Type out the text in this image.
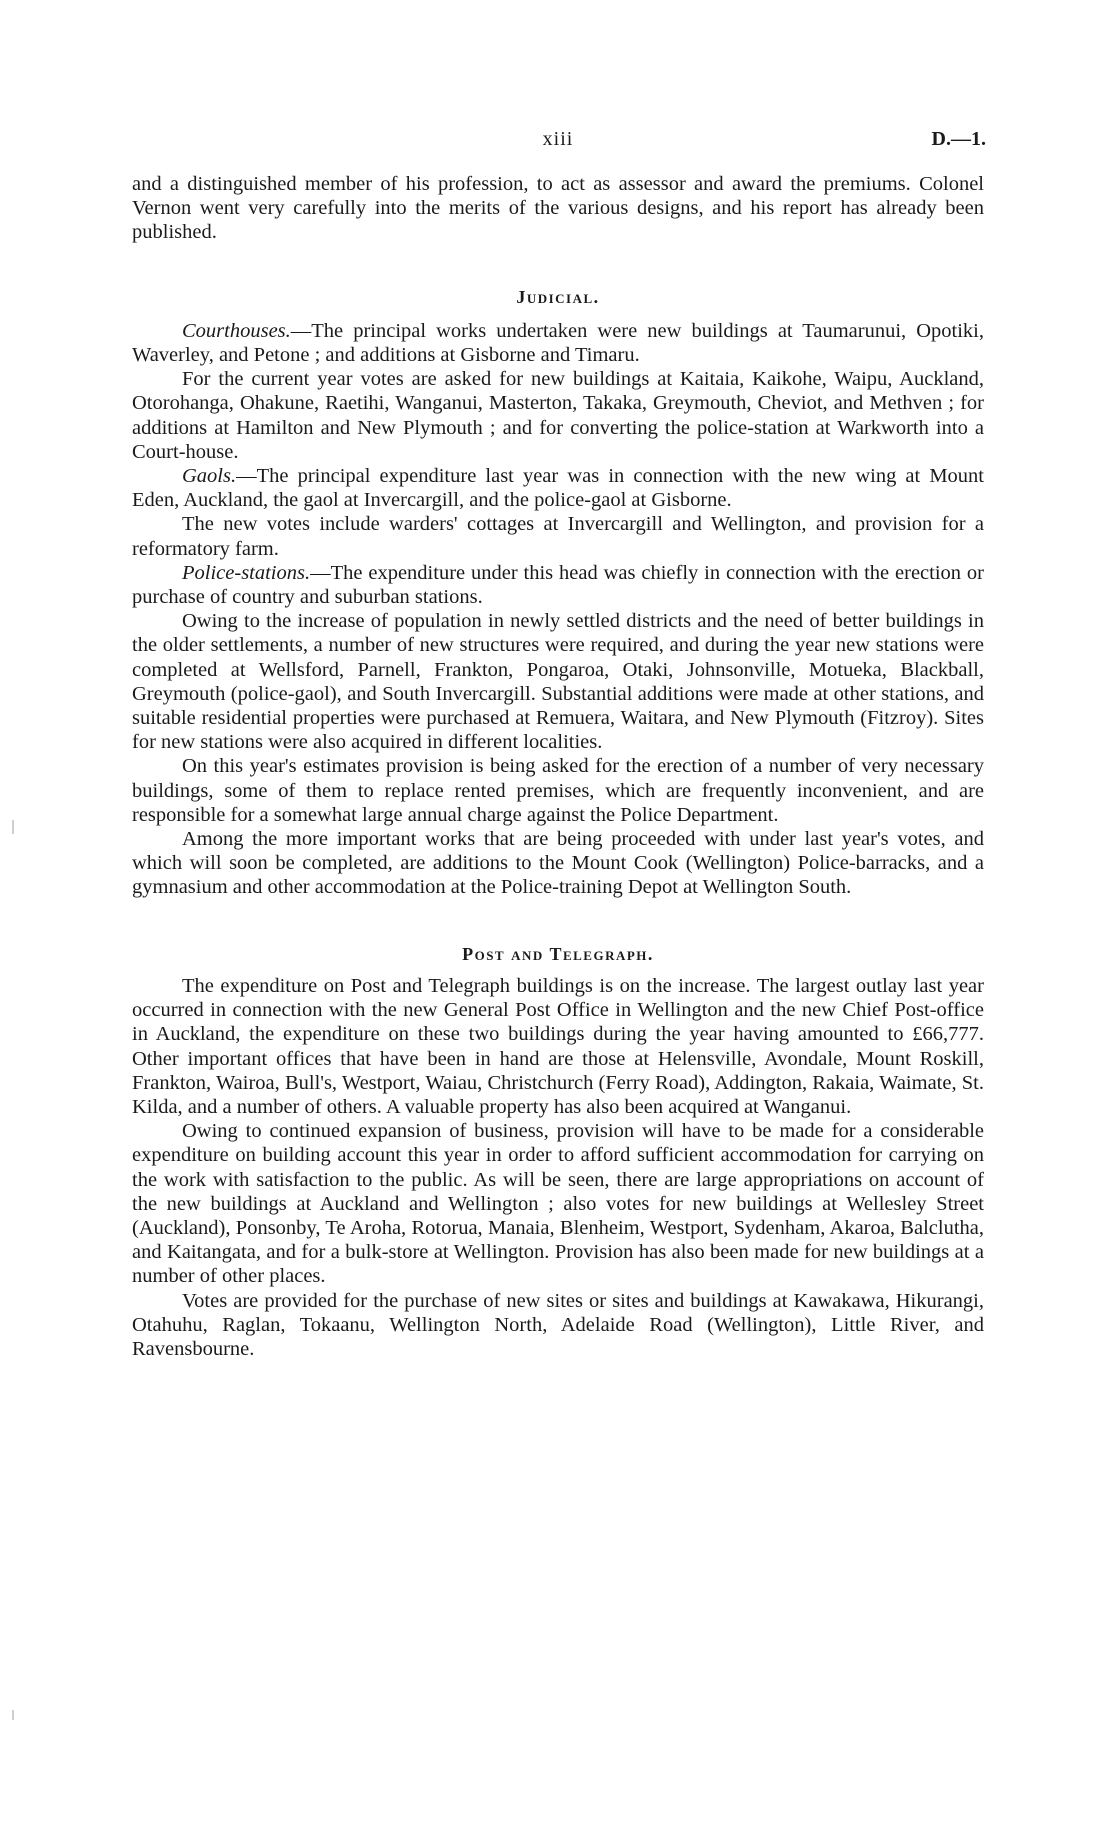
xiii	D.—1.

and a distinguished member of his profession, to act as assessor and award the premiums. Colonel Vernon went very carefully into the merits of the various designs, and his report has already been published.

Judicial.

Courthouses.—The principal works undertaken were new buildings at Taumarunui, Opotiki, Waverley, and Petone ; and additions at Gisborne and Timaru.

For the current year votes are asked for new buildings at Kaitaia, Kaikohe, Waipu, Auckland, Otorohanga, Ohakune, Raetihi, Wanganui, Masterton, Takaka, Greymouth, Cheviot, and Methven ; for additions at Hamilton and New Plymouth ; and for converting the police-station at Warkworth into a Court-house.

Gaols.—The principal expenditure last year was in connection with the new wing at Mount Eden, Auckland, the gaol at Invercargill, and the police-gaol at Gisborne.

The new votes include warders' cottages at Invercargill and Wellington, and provision for a reformatory farm.

Police-stations.—The expenditure under this head was chiefly in connection with the erection or purchase of country and suburban stations.

Owing to the increase of population in newly settled districts and the need of better buildings in the older settlements, a number of new structures were required, and during the year new stations were completed at Wellsford, Parnell, Frankton, Pongaroa, Otaki, Johnsonville, Motueka, Blackball, Greymouth (police-gaol), and South Invercargill. Substantial additions were made at other stations, and suitable residential properties were purchased at Remuera, Waitara, and New Plymouth (Fitzroy). Sites for new stations were also acquired in different localities.

On this year's estimates provision is being asked for the erection of a number of very necessary buildings, some of them to replace rented premises, which are frequently inconvenient, and are responsible for a somewhat large annual charge against the Police Department.

Among the more important works that are being proceeded with under last year's votes, and which will soon be completed, are additions to the Mount Cook (Wellington) Police-barracks, and a gymnasium and other accommodation at the Police-training Depot at Wellington South.

Post and Telegraph.

The expenditure on Post and Telegraph buildings is on the increase. The largest outlay last year occurred in connection with the new General Post Office in Wellington and the new Chief Post-office in Auckland, the expenditure on these two buildings during the year having amounted to £66,777. Other important offices that have been in hand are those at Helensville, Avondale, Mount Roskill, Frankton, Wairoa, Bull's, Westport, Waiau, Christchurch (Ferry Road), Addington, Rakaia, Waimate, St. Kilda, and a number of others. A valuable property has also been acquired at Wanganui.

Owing to continued expansion of business, provision will have to be made for a considerable expenditure on building account this year in order to afford sufficient accommodation for carrying on the work with satisfaction to the public. As will be seen, there are large appropriations on account of the new buildings at Auckland and Wellington ; also votes for new buildings at Wellesley Street (Auckland), Ponsonby, Te Aroha, Rotorua, Manaia, Blenheim, Westport, Sydenham, Akaroa, Balclutha, and Kaitangata, and for a bulk-store at Wellington. Provision has also been made for new buildings at a number of other places.

Votes are provided for the purchase of new sites or sites and buildings at Kawakawa, Hikurangi, Otahuhu, Raglan, Tokaanu, Wellington North, Adelaide Road (Wellington), Little River, and Ravensbourne.
